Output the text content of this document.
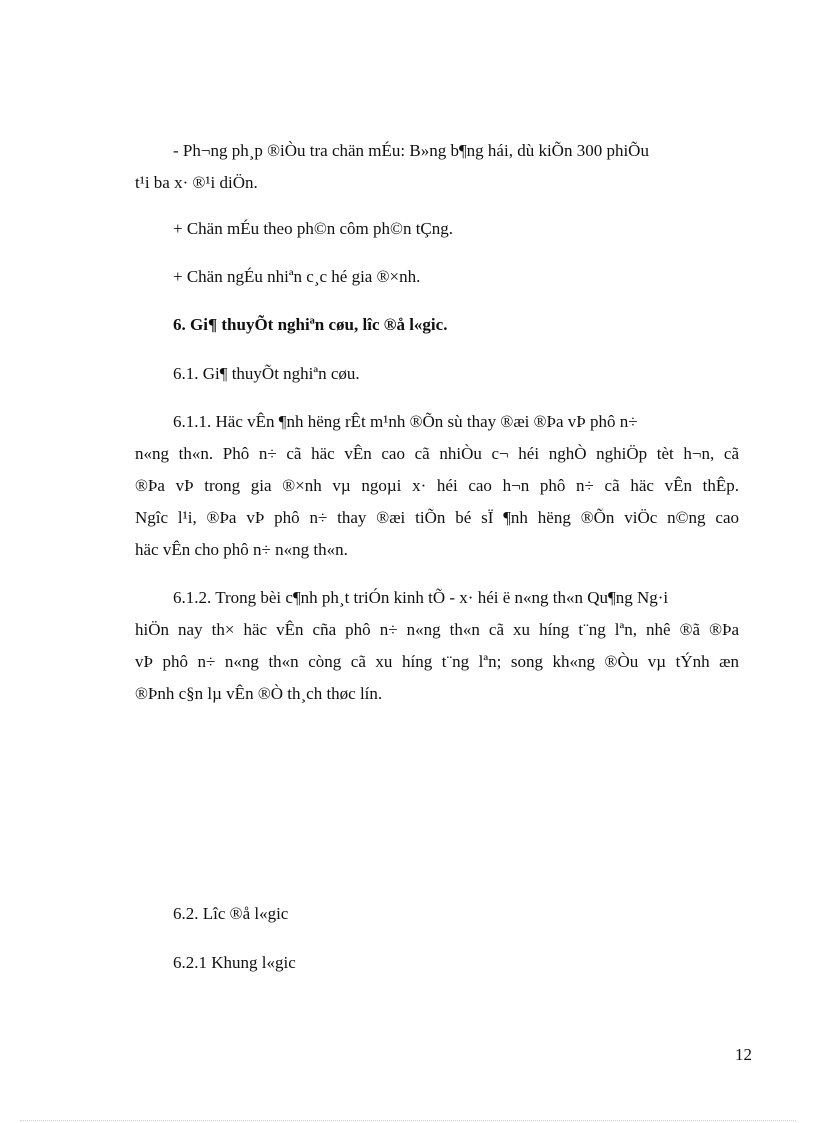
- Ph¬ng ph¸p ®iÒu tra chän mÉu: B»ng b¶ng hái, dù kiÕn 300 phiÕu
t¹i ba x· ®¹i diÖn.
+ Chän mÉu theo ph©n côm ph©n tÇng.
+ Chän ngÉu nhiªn c¸c hé gia ®×nh.
6. Gi¶ thuyÕt nghiªn cøu, lîc ®å l«gic.
6.1. Gi¶ thuyÕt nghiªn cøu.
6.1.1. Häc vÊn ¶nh hëng rÊt m¹nh ®Õn sù thay ®æi ®Þa vÞ phô n÷
n«ng th«n. Phô n÷ cã häc vÊn cao cã nhiÒu c¬ héi nghÒ nghiÖp tèt h¬n, cã
®Þa vÞ trong gia ®×nh vµ ngoµi x· héi cao h¬n phô n÷ cã häc vÊn thÊp.
Ngîc l¹i, ®Þa vÞ phô n÷ thay ®æi tiÕn bé sÏ ¶nh hëng ®Õn viÖc n©ng cao
häc vÊn cho phô n÷ n«ng th«n.
6.1.2. Trong bèi c¶nh ph¸t triÓn kinh tÕ - x· héi ë n«ng th«n Qu¶ng Ng·i
hiÖn nay th× häc vÊn cña phô n÷ n«ng th«n cã xu híng t¨ng lªn, nhê ®ã ®Þa
vÞ phô n÷ n«ng th«n còng cã xu híng t¨ng lªn; song kh«ng ®Òu vµ tÝnh æn
®Þnh c§n lµ vÊn ®Ò th¸ch thøc lín.
6.2. Lîc ®å l«gic
6.2.1 Khung l«gic
12
